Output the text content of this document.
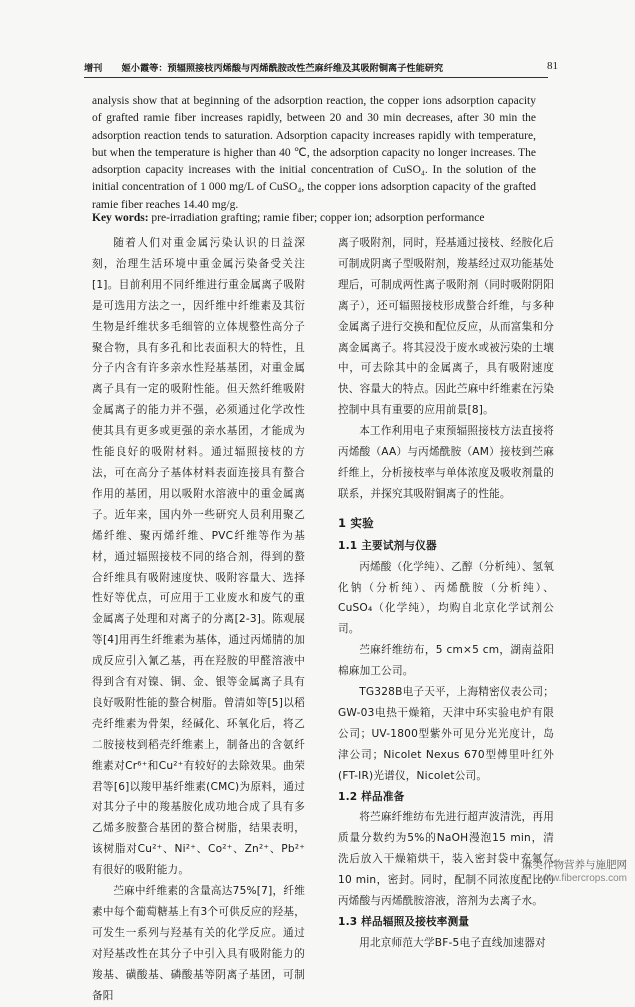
增刊 姬小霞等：预辐照接枝丙烯酸与丙烯酰胺改性苎麻纤维及其吸附铜离子性能研究	81
analysis show that at beginning of the adsorption reaction, the copper ions adsorption capacity of grafted ramie fiber increases rapidly, between 20 and 30 min decreases, after 30 min the adsorption reaction tends to saturation. Adsorption capacity increases rapidly with temperature, but when the temperature is higher than 40 ℃, the adsorption capacity no longer increases. The adsorption capacity increases with the initial concentration of CuSO₄. In the solution of the initial concentration of 1 000 mg/L of CuSO₄, the copper ions adsorption capacity of the grafted ramie fiber reaches 14.40 mg/g.
Key words: pre-irradiation grafting; ramie fiber; copper ion; adsorption performance

随着人们对重金属污染认识的日益深刻，治理生活环境中重金属污染备受关注[1]。目前利用不同纤维进行重金属离子吸附是可选用方法之一，因纤维中纤维素及其衍生物是纤维状多毛细管的立体规整性高分子聚合物，具有多孔和比表面积大的特性，且分子内含有许多亲水性羟基基团，对重金属离子具有一定的吸附性能。但天然纤维吸附金属离子的能力并不强，必须通过化学改性使其具有更多或更强的亲水基团，才能成为性能良好的吸附材料。通过辐照接枝的方法，可在高分子基体材料表面连接具有螯合作用的基团，用以吸附水溶液中的重金属离子。近年来，国内外一些研究人员利用聚乙烯纤维、聚丙烯纤维、PVC纤维等作为基材，通过辐照接枝不同的络合剂，得到的螯合纤维具有吸附速度快、吸附容量大、选择性好等优点，可应用于工业废水和废气的重金属离子处理和对离子的分离[2-3]。陈观展等[4]用再生纤维素为基体，通过丙烯腈的加成反应引入氰乙基，再在羟胺的甲醛溶液中得到含有对镍、铜、金、银等金属离子具有良好吸附性能的螯合树脂。曾清如等[5]以稻壳纤维素为骨架，经碱化、环氧化后，将乙二胺接枝到稻壳纤维素上，制备出的含氨纤维素对Cr⁶⁺和Cu²⁺有较好的去除效果。曲荣君等[6]以羧甲基纤维素(CMC)为原料，通过对其分子中的羧基胺化成功地合成了具有多乙烯多胺螯合基团的螯合树脂，结果表明，该树脂对Cu²⁺、Ni²⁺、Co²⁺、Zn²⁺、Pb²⁺有很好的吸附能力。

苎麻中纤维素的含量高达75%[7]，纤维素中每个葡萄糖基上有3个可供反应的羟基，可发生一系列与羟基有关的化学反应。通过对羟基改性在其分子中引入具有吸附能力的羧基、磺酸基、磷酸基等阴离子基团，可制备阳

离子吸附剂，同时，羟基通过接枝、经胺化后可制成阴离子型吸附剂，羧基经过双功能基处理后，可制成两性离子吸附剂（同时吸附阴阳离子），还可辐照接枝形成螯合纤维，与多种金属离子进行交换和配位反应，从而富集和分离金属离子。将其浸没于废水或被污染的土壤中，可去除其中的金属离子，具有吸附速度快、容量大的特点。因此苎麻中纤维素在污染控制中具有重要的应用前景[8]。

本工作利用电子束预辐照接枝方法直接将丙烯酸（AA）与丙烯酰胺（AM）接枝到苎麻纤维上，分析接枝率与单体浓度及吸收剂量的联系，并探究其吸附铜离子的性能。

1 实验
1.1 主要试剂与仪器

丙烯酸（化学纯）、乙醇（分析纯）、氢氧化钠（分析纯）、丙烯酰胺（分析纯）、CuSO₄（化学纯），均购自北京化学试剂公司。

苎麻纤维纺布，5 cm×5 cm，湖南益阳棉麻加工公司。

TG328B电子天平，上海精密仪表公司；GW-03电热干燥箱，天津中环实验电炉有限公司；UV-1800型紫外可见分光光度计，岛津公司；Nicolet Nexus 670型傅里叶红外(FT-IR)光谱仪，Nicolet公司。

1.2 样品准备

将苎麻纤维纺布先进行超声波清洗，再用质量分数约为5%的NaOH漫泡15 min，清洗后放入干燥箱烘干，装入密封袋中充氮气10 min，密封。同时，配制不同浓度配比的丙烯酸与丙烯酰胺溶液，溶剂为去离子水。

1.3 样品辐照及接枝率测量

用北京师范大学BF-5电子直线加速器对

麻类作物营养与施肥网
www.fibercrops.com
